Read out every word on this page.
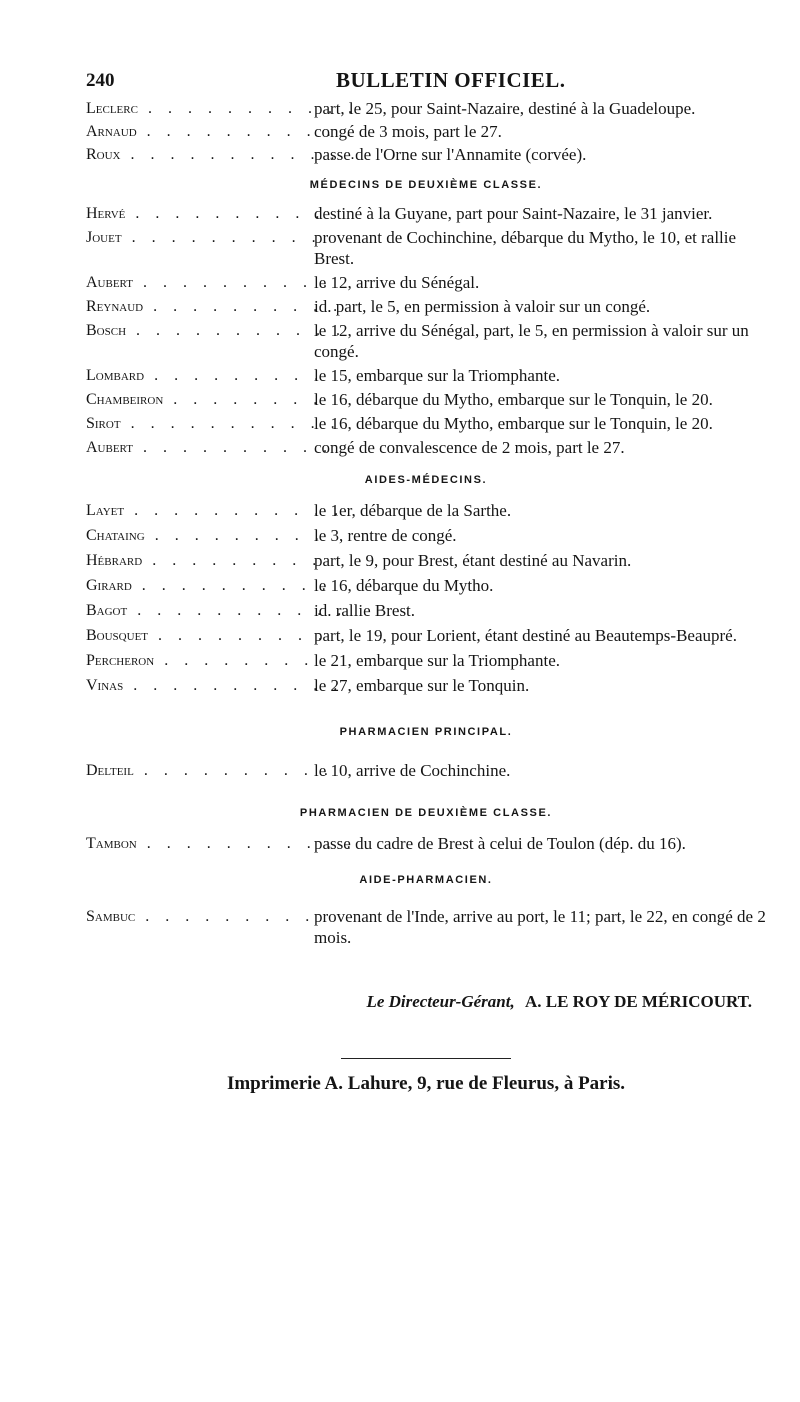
240	BULLETIN OFFICIEL.
Leclerc . . . . . . . . . . .
part, le 25, pour Saint-Nazaire, destiné à la Guadeloupe.
Arnaud . . . . . . . . . . .
congé de 3 mois, part le 27.
Roux . . . . . . . . . . . .
passe de l'Orne sur l'Annamite (corvée).

MÉDECINS DE DEUXIÈME CLASSE.

Hervé . . . . . . . . . .
destiné à la Guyane, part pour Saint-Nazaire, le 31 janvier.
Jouet . . . . . . . . . .
provenant de Cochinchine, débarque du Mytho, le 10, et rallie Brest.
Aubert . . . . . . . . . .
le 12, arrive du Sénégal.
Reynaud . . . . . . . . . .
id. part, le 5, en permission à valoir sur un congé.
Bosch . . . . . . . . . . .
le 12, arrive du Sénégal, part, le 5, en permission à valoir sur un congé.
Lombard . . . . . . . . .
le 15, embarque sur la Triomphante.
Chambeiron . . . . . . . .
le 16, débarque du Mytho, embarque sur le Tonquin, le 20.
Sirot . . . . . . . . . . .
le 16, débarque du Mytho, embarque sur le Tonquin, le 20.
Aubert . . . . . . . . . .
congé de convalescence de 2 mois, part le 27.

AIDES-MÉDECINS.

Layet . . . . . . . . . . .
le 1er, débarque de la Sarthe.
Chataing . . . . . . . . .
le 3, rentre de congé.
Hébrard . . . . . . . . .
part, le 9, pour Brest, étant destiné au Navarin.
Girard . . . . . . . . . .
le 16, débarque du Mytho.
Bagot . . . . . . . . . . .
id. rallie Brest.
Bousquet . . . . . . . . .
part, le 19, pour Lorient, étant destiné au Beautemps-Beaupré.
Percheron . . . . . . . . le 21, embarque sur la Triomphante.
Vinas . . . . . . . . . . .
le 27, embarque sur le Tonquin.

PHARMACIEN PRINCIPAL.

Delteil . . . . . . . . . .
le 10, arrive de Cochinchine.

PHARMACIEN DE DEUXIÈME CLASSE.

Tambon . . . . . . . . . . .
passe du cadre de Brest à celui de Toulon (dép. du 16).

AIDE-PHARMACIEN.

Sambuc . . . . . . . . .
provenant de l'Inde, arrive au port, le 11; part, le 22, en congé de 2 mois.
Le Directeur-Gérant, A. LE ROY DE MÉRICOURT.
Imprimerie A. Lahure, 9, rue de Fleurus, à Paris.
